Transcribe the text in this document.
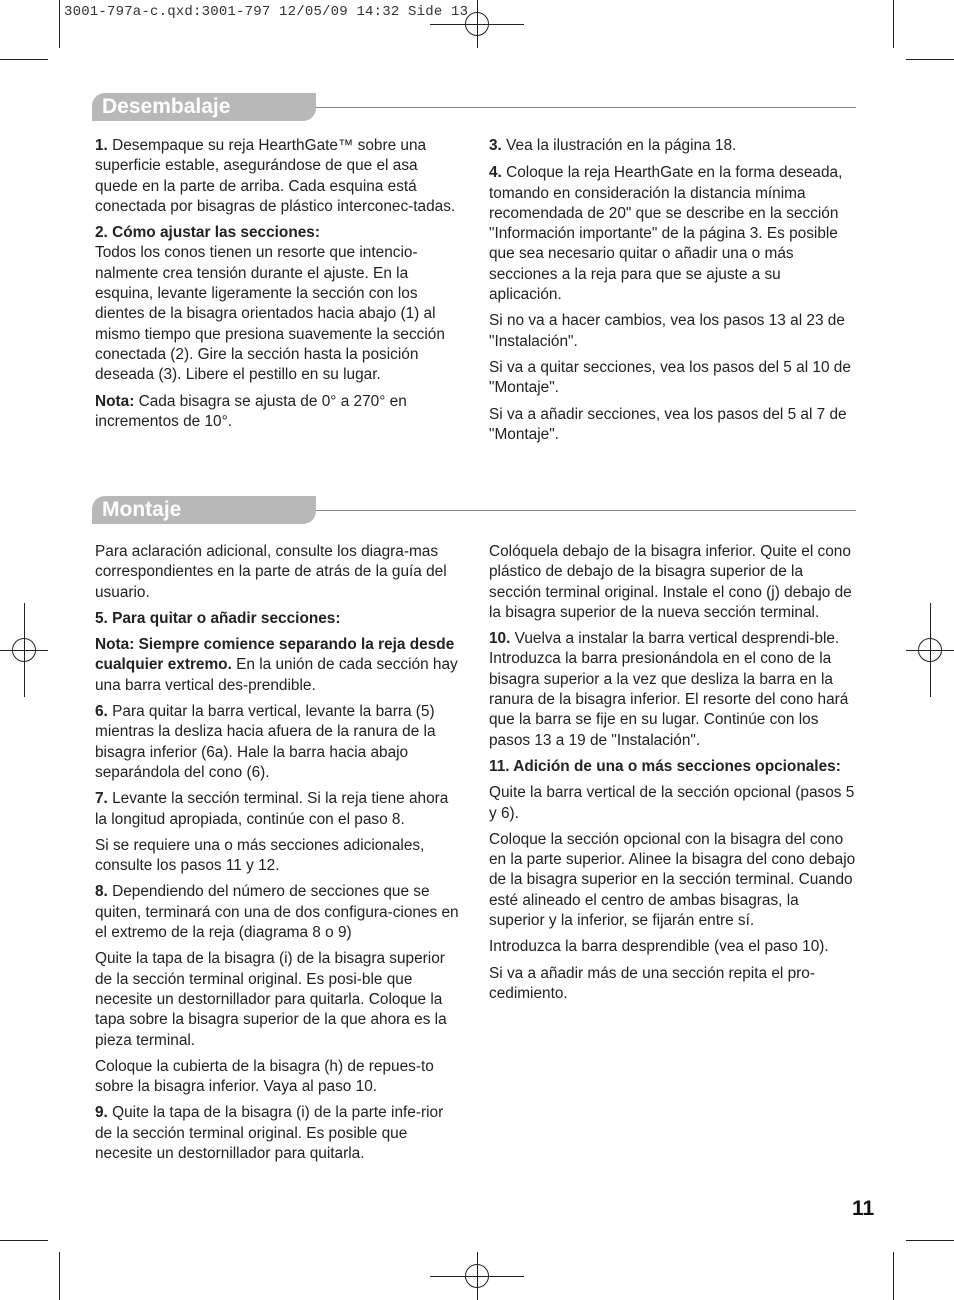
3001-797a-c.qxd:3001-797 12/05/09 14:32 Side 13
Desembalaje

1. Desempaque su reja HearthGate™ sobre una superficie estable, asegurándose de que el asa quede en la parte de arriba. Cada esquina está conectada por bisagras de plástico interconec-tadas.

2. Cómo ajustar las secciones:

Todos los conos tienen un resorte que intencio-nalmente crea tensión durante el ajuste. En la esquina, levante ligeramente la sección con los dientes de la bisagra orientados hacia abajo (1) al mismo tiempo que presiona suavemente la sección conectada (2). Gire la sección hasta la posición deseada (3). Libere el pestillo en su lugar.

Nota: Cada bisagra se ajusta de 0° a 270° en incrementos de 10°.

3. Vea la ilustración en la página 18.

4. Coloque la reja HearthGate en la forma deseada, tomando en consideración la distancia mínima recomendada de 20" que se describe en la sección "Información importante" de la página 3. Es posible que sea necesario quitar o añadir una o más secciones a la reja para que se ajuste a su aplicación.

Si no va a hacer cambios, vea los pasos 13 al 23 de "Instalación".

Si va a quitar secciones, vea los pasos del 5 al 10 de "Montaje".

Si va a añadir secciones, vea los pasos del 5 al 7 de "Montaje".

Montaje

Para aclaración adicional, consulte los diagra-mas correspondientes en la parte de atrás de la guía del usuario.

5. Para quitar o añadir secciones:

Nota: Siempre comience separando la reja desde cualquier extremo. En la unión de cada sección hay una barra vertical des-prendible.

6. Para quitar la barra vertical, levante la barra (5) mientras la desliza hacia afuera de la ranura de la bisagra inferior (6a). Hale la barra hacia abajo separándola del cono (6).

7. Levante la sección terminal. Si la reja tiene ahora la longitud apropiada, continúe con el paso 8.

Si se requiere una o más secciones adicionales, consulte los pasos 11 y 12.

8. Dependiendo del número de secciones que se quiten, terminará con una de dos configura-ciones en el extremo de la reja (diagrama 8 o 9)

Quite la tapa de la bisagra (i) de la bisagra superior de la sección terminal original. Es posi-ble que necesite un destornillador para quitarla. Coloque la tapa sobre la bisagra superior de la que ahora es la pieza terminal.

Coloque la cubierta de la bisagra (h) de repues-to sobre la bisagra inferior. Vaya al paso 10.

9. Quite la tapa de la bisagra (i) de la parte infe-rior de la sección terminal original. Es posible que necesite un destornillador para quitarla.

Colóquela debajo de la bisagra inferior. Quite el cono plástico de debajo de la bisagra superior de la sección terminal original. Instale el cono (j) debajo de la bisagra superior de la nueva sección terminal.

10. Vuelva a instalar la barra vertical desprendi-ble. Introduzca la barra presionándola en el cono de la bisagra superior a la vez que desliza la barra en la ranura de la bisagra inferior. El resorte del cono hará que la barra se fije en su lugar. Continúe con los pasos 13 a 19 de "Instalación".

11. Adición de una o más secciones opcionales:

Quite la barra vertical de la sección opcional (pasos 5 y 6).

Coloque la sección opcional con la bisagra del cono en la parte superior. Alinee la bisagra del cono debajo de la bisagra superior en la sección terminal. Cuando esté alineado el centro de ambas bisagras, la superior y la inferior, se fijarán entre sí.

Introduzca la barra desprendible (vea el paso 10).

Si va a añadir más de una sección repita el pro-cedimiento.

11
